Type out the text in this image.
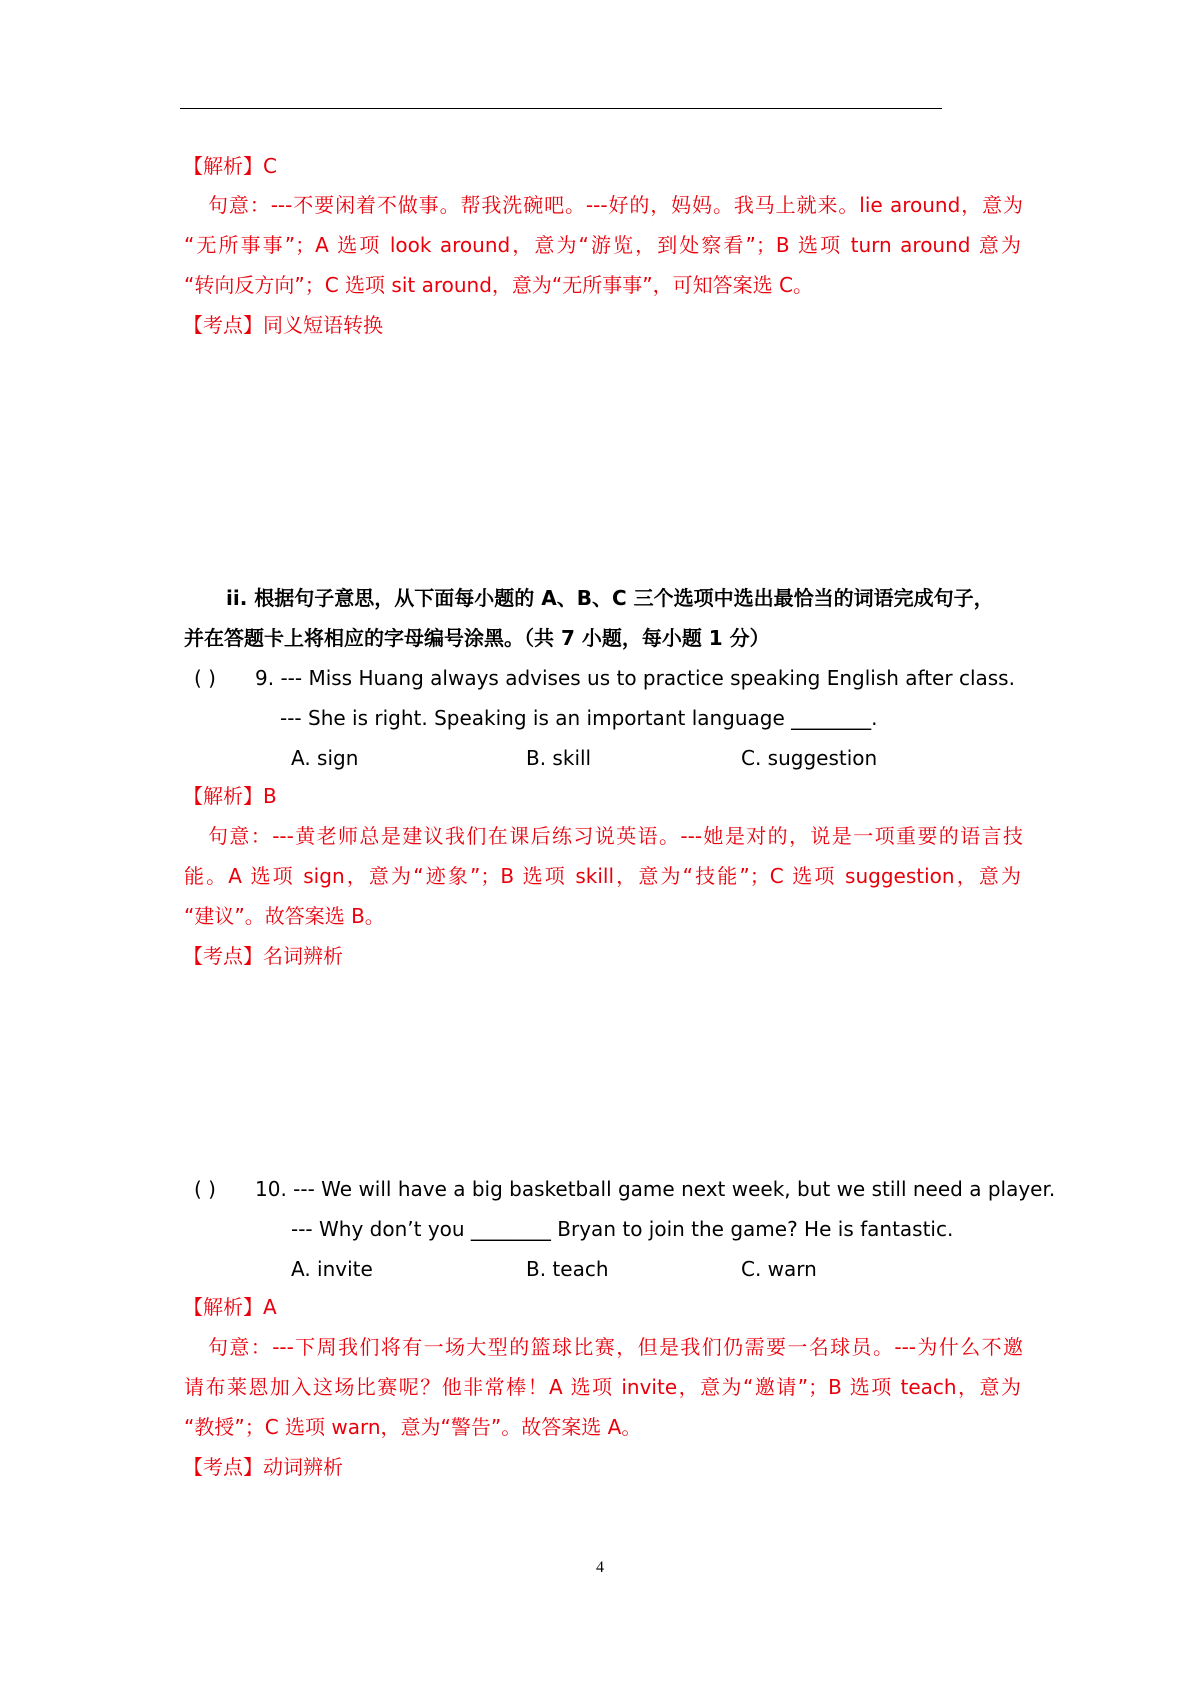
【解析】C
句意：---不要闲着不做事。帮我洗碗吧。---好的，妈妈。我马上就来。lie around，意为
“无所事事”；A 选项 look around，意为“游览，到处察看”；B 选项 turn around 意为
“转向反方向”；C 选项 sit around，意为“无所事事”，可知答案选 C。
【考点】同义短语转换
ii. 根据句子意思，从下面每小题的 A、B、C 三个选项中选出最恰当的词语完成句子，
并在答题卡上将相应的字母编号涂黑。（共 7 小题，每小题 1 分）
( ) 9. --- Miss Huang always advises us to practice speaking English after class.
--- She is right. Speaking is an important language ________.
A. sign	B. skill	C. suggestion
【解析】B
句意：---黄老师总是建议我们在课后练习说英语。---她是对的，说是一项重要的语言技
能。A 选项 sign，意为“迹象”；B 选项 skill，意为“技能”；C 选项 suggestion，意为
“建议”。故答案选 B。
【考点】名词辨析
( ) 10. --- We will have a big basketball game next week, but we still need a player.
--- Why don’t you ________ Bryan to join the game? He is fantastic.
A. invite	B. teach	C. warn
【解析】A
句意：---下周我们将有一场大型的篮球比赛，但是我们仍需要一名球员。---为什么不邀
请布莱恩加入这场比赛呢？他非常棒！A 选项 invite，意为“邀请”；B 选项 teach，意为
“教授”；C 选项 warn，意为“警告”。故答案选 A。
【考点】动词辨析
4
